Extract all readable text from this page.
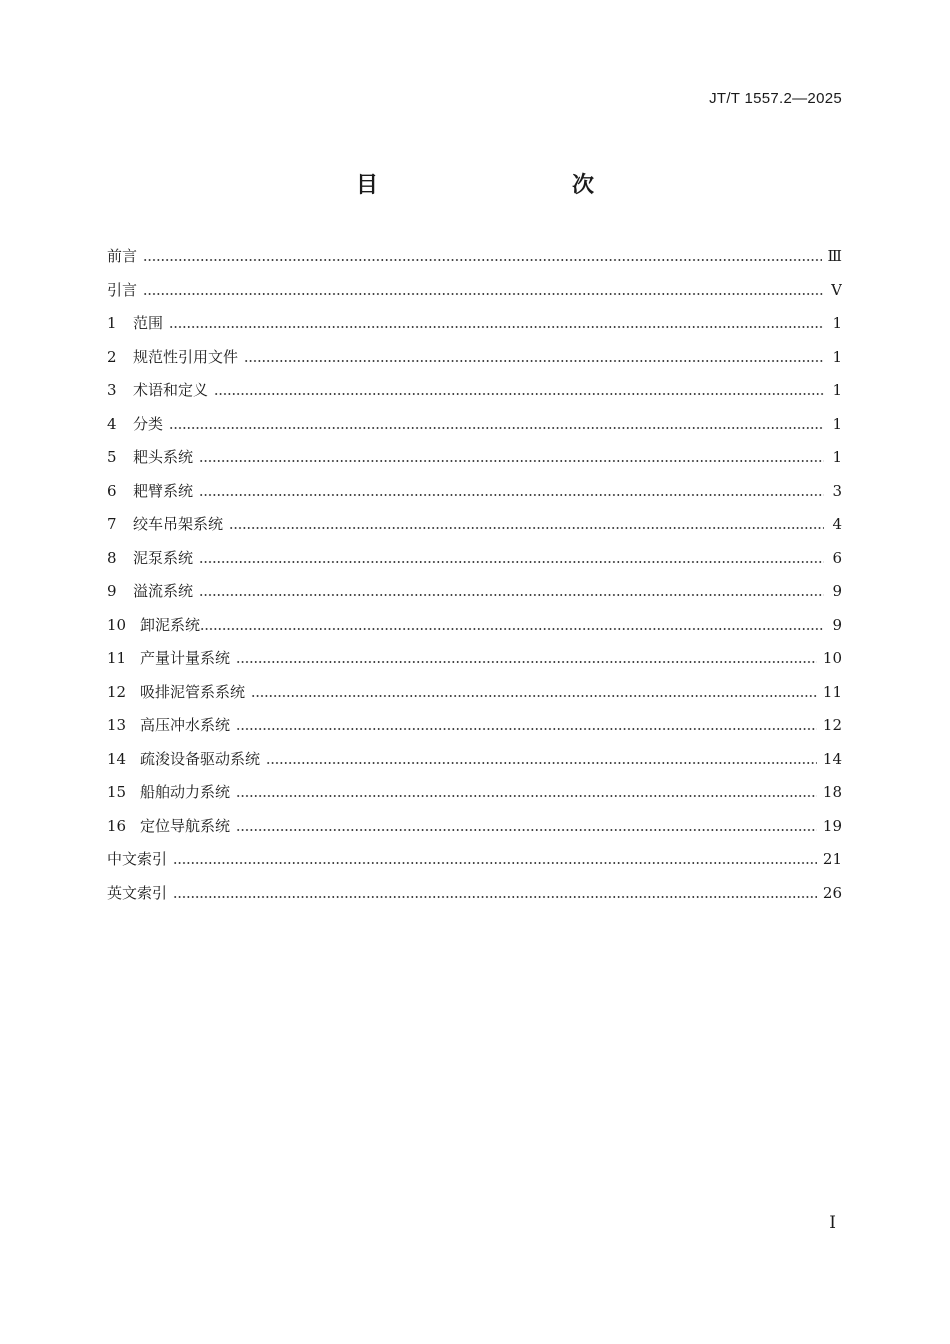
JT/T 1557.2—2025
目　　次
前言	Ⅲ
引言	Ⅴ
1	范围	1
2	规范性引用文件	1
3	术语和定义	1
4	分类	1
5	耙头系统	1
6	耙臂系统	3
7	绞车吊架系统	4
8	泥泵系统	6
9	溢流系统	9
10 卸泥系统	9
11 产量计量系统	10
12 吸排泥管系系统	11
13 高压冲水系统	12
14 疏浚设备驱动系统	14
15 船舶动力系统	18
16 定位导航系统	19
中文索引	21
英文索引	26
Ⅰ
